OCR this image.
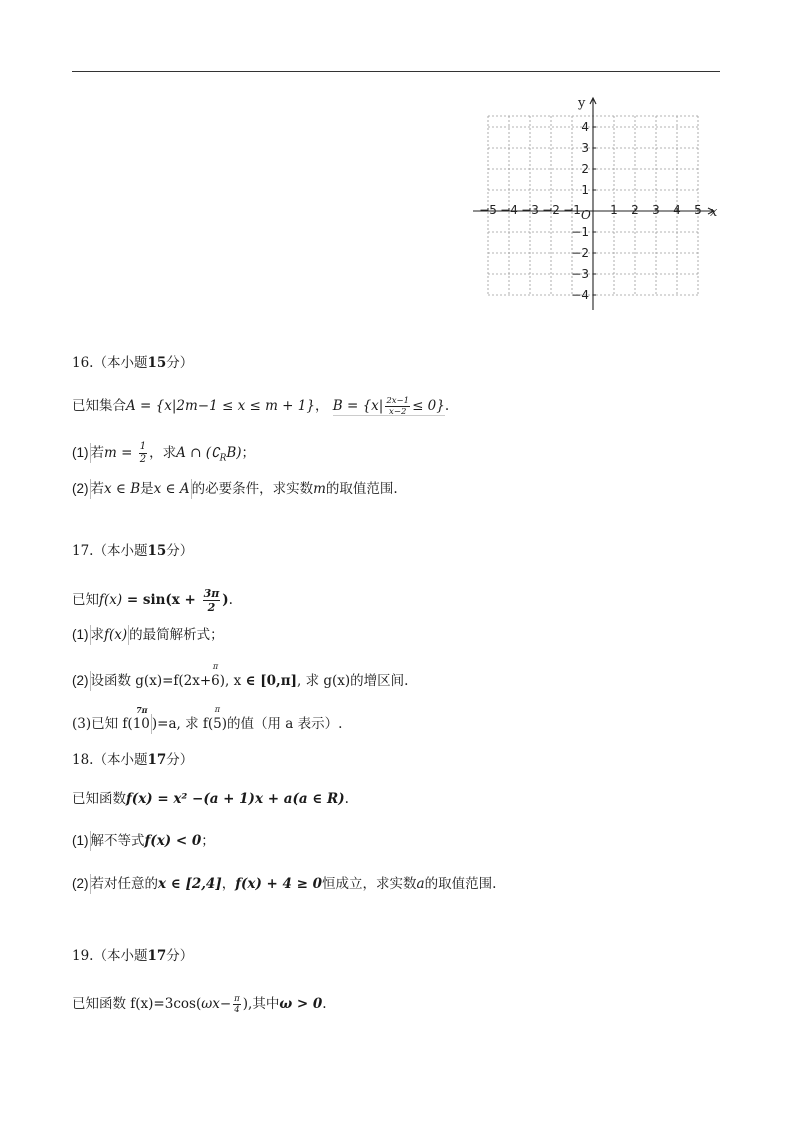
x
y
O
−5 −4 −3 −2 −1 1 2 3 4 5
4
3
2
1
−1
−2
−3
−4
16.（本小题15分）
已知集合A = {x|2m−1 ≤ x ≤ m + 1}， $B = \{x| \frac{2x-1}{x-2} \le 0\}$.
(1) 若$m = \frac{1}{2}$ ，求A ∩ $(∁_RB)$；
(2) 若x ∈ B是x ∈ A 的必要条件，求实数m的取值范围.
17.（本小题15分）
已知$f(x) = \sin(x + \frac{3\pi}{2}$ ).
(1) 求f(x) 的最简解析式；
(2) 设函数 g(x)=f(2x+
π
6), x ∈ [0,π], 求 g(x)的增区间.
(3)已知 f(
7π
10 )=a, 求 f(
π
5)的值（用 a 表示）.
18.（本小题17分）
已知函数f(x) = x² −(a + 1)x + a(a ∈ R).
(1) 解不等式f(x) < 0；
(2) 若对任意的x ∈ [2,4]，f(x) + 4 ≥ 0恒成立，求实数a的取值范围.
19.（本小题17分）
已知函数 $f(x)=3\cos(\omega x- \frac{\pi}{4}$ ),其中ω > 0.
